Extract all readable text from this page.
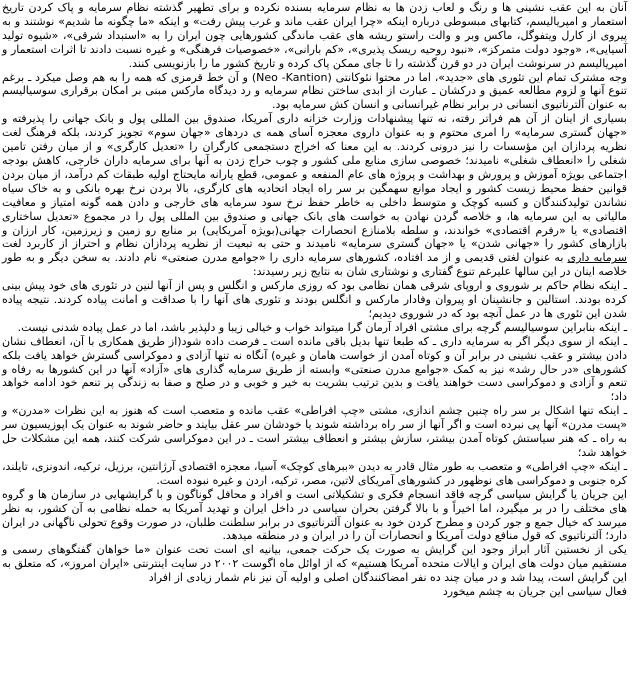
آنان به این عقب نشینی ها و رنگ و لعاب زدن ها به نظام سرمایه بسنده نکرده و برای تطهیر گذشته نظام سرمایه و پاک کردن تاریخ استعمار و امپریالیسم، کتابهای مبسوطی درباره اینکه «چرا ایران عقب ماند و غرب پیش رفت» و اینکه «ما چگونه ما شدیم» نوشتند و به پیروی از کارل ویتفوگل، ماکس وبر و والت راستو ریشه های عقب ماندگی کشورهایی چون ایران را به «استبداد شرقی»، «شیوه تولید آسیایی»، «وجود دولت متمرکز»، «نبود روحیه ریسک پذیری»، «کم بارانی»، «خصوصیات فرهنگی» و غیره نسبت دادند تا اثرات استعمار و امپریالیسم در سرنوشت ایران در دو قرن گذشته را تا جای ممکن پاک کرده و تاریخ کشور ما را بازنویسی کنند.

وجه مشترک تمام این تئوری های «جدید»، اما در محتوا نئوکانتی (Neo -Kantion) و آن خط قرمزی که همه را به هم وصل میکرد ـ برغم تنوع آنها و لزوم مطالعه عمیق و درکشان ـ عبارت از ابدی ساختن نظام سرمایه و رد دیدگاه مارکس مبنی بر امکان برقراری سوسیالیسم به عنوان آلترناتیوی انسانی در برابر نظام غیرانسانی و انسان کش سرمایه بود.

بسیاری از اینان از آن هم فراتر رفته، نه تنها پیشنهادات وزارت خزانه داری آمریکا، صندوق بین المللی پول و بانک جهانی را پذیرفته و «جهان گستری سرمایه» را امری محتوم و به عنوان داروی معجزه آسای همه ی دردهای «جهان سوم» تجویز کردند، بلکه فرهنگ لغت نظریه پردازان این مؤسسات را نیز درونی کردند. به این معنا که اخراج دستجمعی کارگران را «تعدیل کارگری» و از میان رفتن تامین شغلی را «انعطاف شغلی» نامیدند؛ خصوصی سازی منابع ملی کشور و چوب حراج زدن به آنها برای سرمایه داران خارجی، کاهش بودجه اجتماعی بویژه آموزش و پرورش و بهداشت و پروژه های عام المنفعه و عمومی، قطع یارانه مایحتاج اولیه طبقات کم درآمد، از میان بردن قوانین حفظ محیط زیست کشور و ایجاد موانع سهمگین بر سر راه ایجاد اتحادیه های کارگری، بالا بردن نرخ بهره بانکی و به خاک سیاه نشاندن تولیدکنندگان و کسبه کوچک و متوسط داخلی به خاطر حفظ نرخ سود سرمایه های خارجی و دادن همه گونه امتیاز و معافیت مالیاتی به این سرمایه ها، و خلاصه گردن نهادن به خواست های بانک جهانی و صندوق بین المللی پول را در مجموع «تعدیل ساختاری اقتصادی» یا «رفرم اقتصادی» خواندند، و سلطه بلامنازع انحصارات جهانی(بویژه آمریکایی) بر منابع رو زمین و زیرزمین، کار ارزان و بازارهای کشور را «جهانی شدن» یا «جهان گستری سرمایه» نامیدند و حتی به تبعیت از نظریه پردازان نظام و احتراز از کاربرد لغت سرمایه داری به عنوان لغتی قدیمی و از مد افتاده، کشورهای سرمایه داری را «جوامع مدرن صنعتی» نام دادند. به سخن دیگر و به طور خلاصه اینان در این سالها علیرغم تنوع گفتاری و نوشتاری شان به نتایج زیر رسیدند:

ـ اینکه نظام حاکم بر شوروی و اروپای شرقی همان نظامی بود که روزی مارکس و انگلس و پس از آنها لنین در تئوری های خود پیش بینی کرده بودند. استالین و جانشینان او پیروان وفادار مارکس و انگلس بودند و تئوری های آنها را با صداقت و امانت پیاده کردند. نتیجه پیاده شدن این تئوری ها در عمل آنچه بود که در شوروی دیدیم؛

ـ اینکه بنابراین سوسیالیسم گرچه برای مشتی افراد آرمان گرا میتواند خواب و خیالی زیبا و دلپذیر باشد، اما در عمل پیاده شدنی نیست.

ـ اینکه از سوی دیگر اگر به سرمایه داری ـ که طبعا تنها بدیل باقی مانده است ـ فرصت داده شود(از طریق همکاری با آن، انعطاف نشان دادن بیشتر و عقب نشینی در برابر آن و کوتاه آمدن از خواست هامان و غیره) آنگاه نه تنها آزادی و دموکراسی گسترش خواهد یافت بلکه کشورهای «در حال رشد» نیز به کمک «جوامع مدرن صنعتی» وابسته از طریق سرمایه گذاری های «آزاد» آنها در این کشورها به رفاه و تنعم و آزادی و دموکراسی دست خواهند یافت و بدین ترتیب بشریت به خیر و خوبی و در صلح و صفا به زندگی پر تنعم خود ادامه خواهد داد؛

ـ اینکه تنها اشکال بر سر راه چنین چشم اندازی، مشتی «چپ افراطی» عقب مانده و متعصب است که هنوز به این نظرات «مدرن» و «پست مدرن» آنها پی نبرده است و اگر آنها از سر راه برداشته شوند یا خودشان سر عقل بیایند و حاضر شوند به عنوان یک اپوزیسیون سر به راه ـ که هنر سیاستش کوتاه آمدن بیشتر، سازش بیشتر و انعطاف بیشتر است ـ در این دموکراسی شرکت کنند، همه این مشکلات حل خواهد شد؛

ـ اینکه «چپ افراطی» و متعصب به طور مثال قادر به دیدن «ببرهای کوچک» آسیا، معجزه اقتصادی آرژانتین، برزیل، ترکیه، اندونزی، تایلند، کره جنوبی و دموکراسی های نوظهور در کشورهای آمریکای لاتین، مصر، ترکیه، اردن و غیره نبوده است.

این جریان یا گرایش سیاسی گرچه فاقد انسجام فکری و تشکیلاتی است و افراد و محافل گوناگون و با گرایشهایی در سازمان ها و گروه های مختلف را در بر میگیرد، اما اخیراً و با بالا گرفتن بحران سیاسی در داخل ایران و تهدید آمریکا به حمله نظامی به آن کشور، به نظر میرسد که خیال جمع و جور کردن و مطرح کردن خود به عنوان آلترناتیوی در برابر سلطنت طلبان، در صورت وقوع تحولی ناگهانی در ایران دارد؛ آلترناتیوی که قول منافع دولت آمریکا و انحصارات آن را در ایران و در منطقه میدهد.

یکی از نخستین آثار ابراز وجود این گرایش به صورت یک حرکت جمعی، بیانیه ای است تحت عنوان «ما خواهان گفتگوهای رسمی و مستقیم میان دولت های ایران و ایالات متحده آمریکا هستیم» که از اوائل ماه اگوست ۲۰۰۲ در سایت اینترنتی «ایران امروز»، که متعلق به این گرایش است، پیدا شد و در میان چند ده نفر امضاکنندگان اصلی و اولیه آن نیز نام شمار زیادی از افراد

فعال سیاسی این جریان به چشم میخورد
